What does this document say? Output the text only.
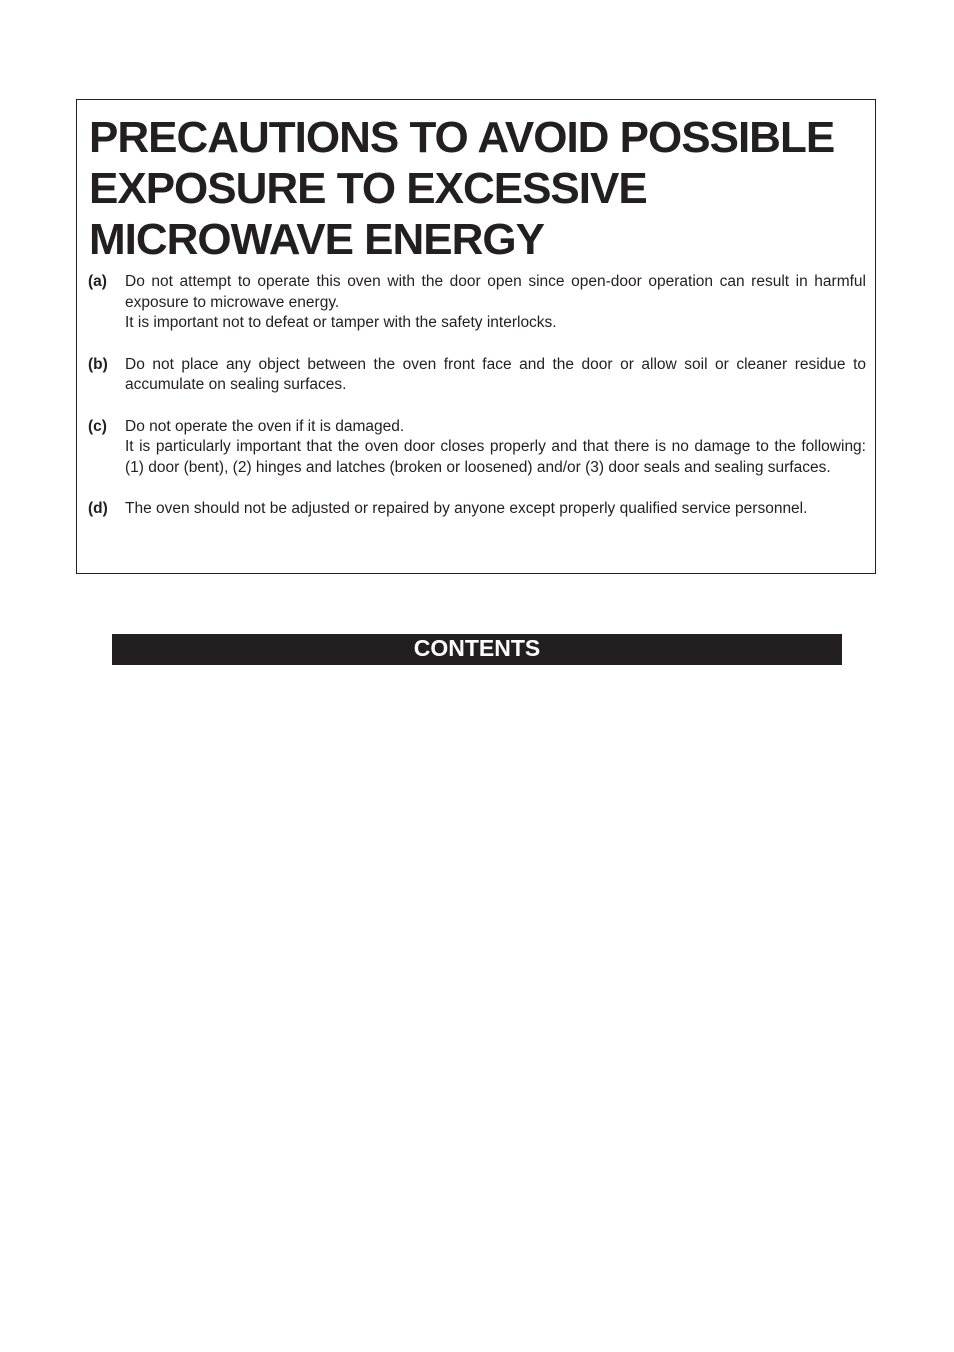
PRECAUTIONS TO AVOID POSSIBLE
EXPOSURE TO EXCESSIVE
MICROWAVE ENERGY
(a)	Do not attempt to operate this oven with the door open since open-door operation can result in harmful exposure to microwave energy.

It is important not to defeat or tamper with the safety interlocks.

(b)	Do not place any object between the oven front face and the door or allow soil or cleaner residue to accumulate on sealing surfaces.

(c)	Do not operate the oven if it is damaged.

It is particularly important that the oven door closes properly and that there is no damage to the following: (1) door (bent), (2) hinges and latches (broken or loosened) and/or (3) door seals and sealing surfaces.

(d)	The oven should not be adjusted or repaired by anyone except properly qualified service personnel.

CONTENTS
